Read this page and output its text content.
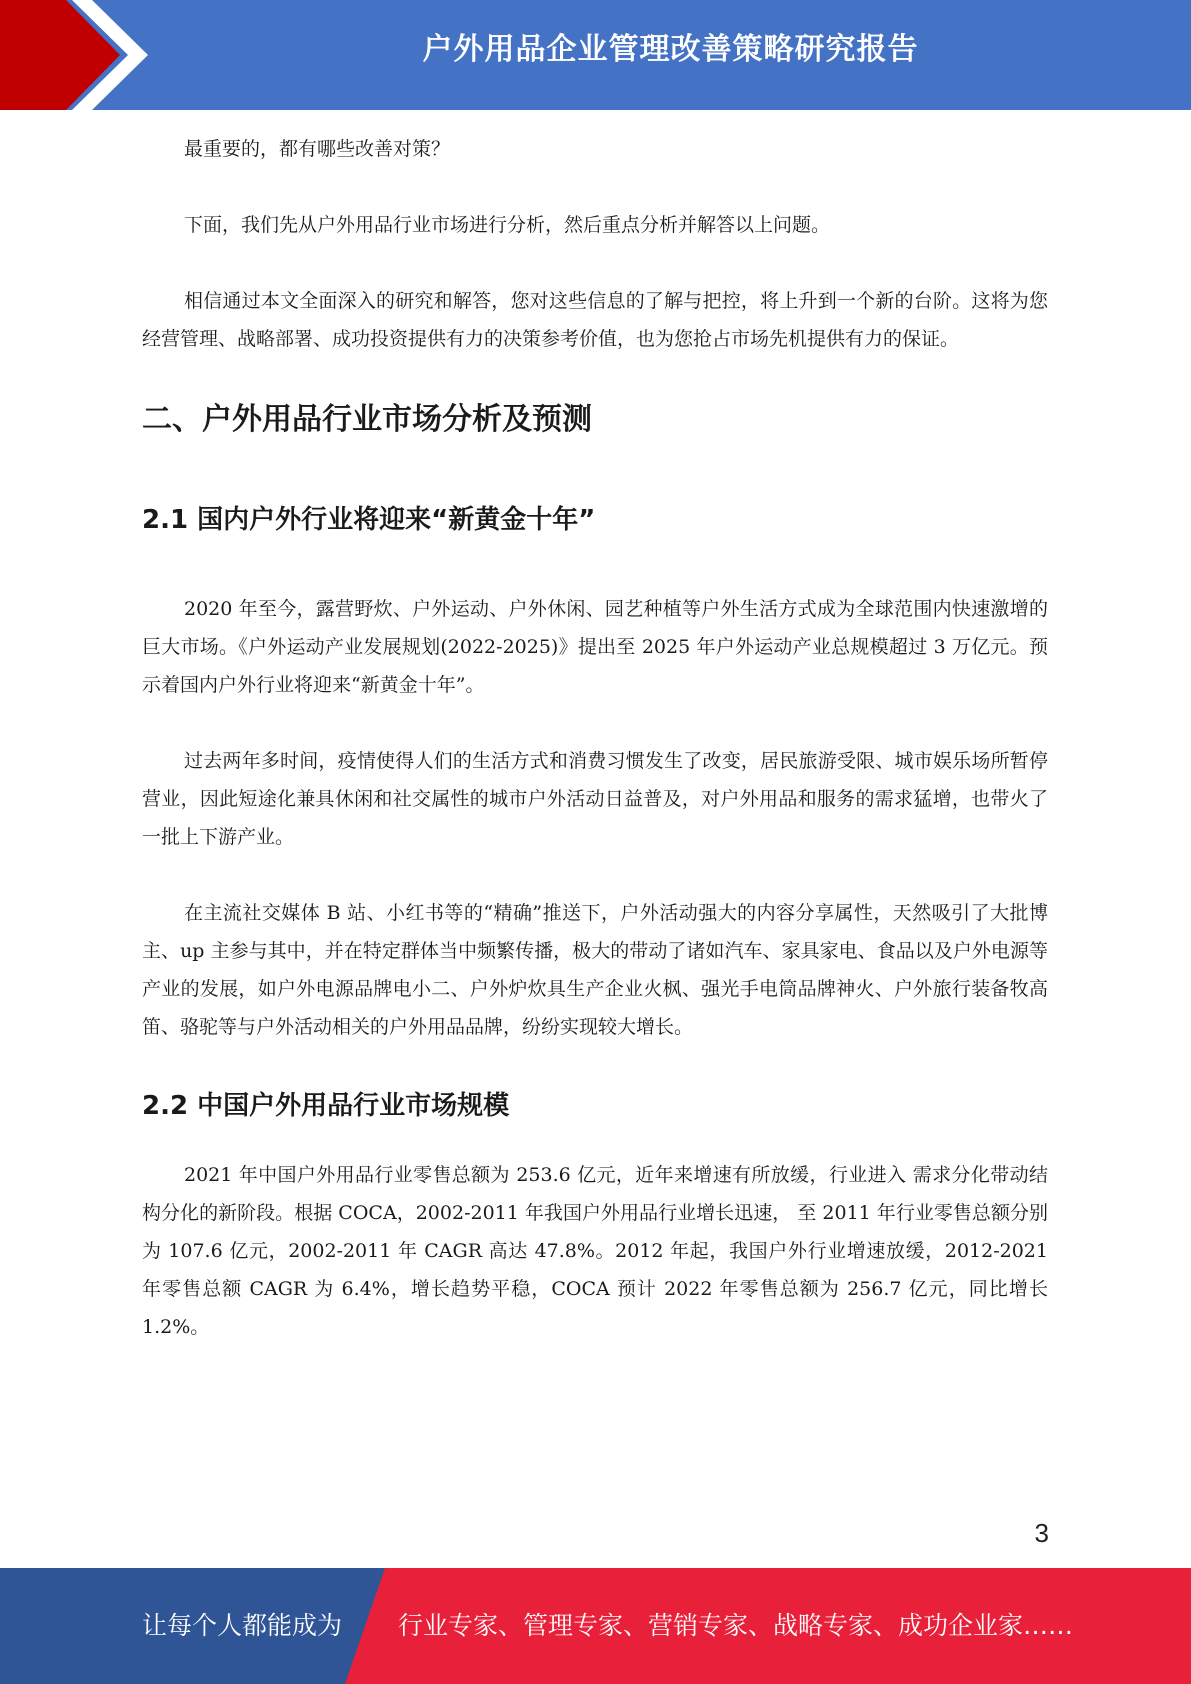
户外用品企业管理改善策略研究报告

最重要的，都有哪些改善对策？

下面，我们先从户外用品行业市场进行分析，然后重点分析并解答以上问题。

相信通过本文全面深入的研究和解答，您对这些信息的了解与把控，将上升到一个新的台阶。这将为您经营管理、战略部署、成功投资提供有力的决策参考价值，也为您抢占市场先机提供有力的保证。

二、户外用品行业市场分析及预测
2.1 国内户外行业将迎来“新黄金十年”

2020 年至今，露营野炊、户外运动、户外休闲、园艺种植等户外生活方式成为全球范围内快速激增的巨大市场。《户外运动产业发展规划(2022-2025)》提出至 2025 年户外运动产业总规模超过 3 万亿元。预示着国内户外行业将迎来“新黄金十年”。

过去两年多时间，疫情使得人们的生活方式和消费习惯发生了改变，居民旅游受限、城市娱乐场所暂停营业，因此短途化兼具休闲和社交属性的城市户外活动日益普及，对户外用品和服务的需求猛增，也带火了一批上下游产业。

在主流社交媒体 B 站、小红书等的“精确”推送下，户外活动强大的内容分享属性，天然吸引了大批博主、up 主参与其中，并在特定群体当中频繁传播，极大的带动了诸如汽车、家具家电、食品以及户外电源等产业的发展，如户外电源品牌电小二、户外炉炊具生产企业火枫、强光手电筒品牌神火、户外旅行装备牧高笛、骆驼等与户外活动相关的户外用品品牌，纷纷实现较大增长。

2.2 中国户外用品行业市场规模

2021 年中国户外用品行业零售总额为 253.6 亿元，近年来增速有所放缓，行业进入 需求分化带动结构分化的新阶段。根据 COCA，2002-2011 年我国户外用品行业增长迅速， 至 2011 年行业零售总额分别为 107.6 亿元，2002-2011 年 CAGR 高达 47.8%。2012 年起，我国户外行业增速放缓，2012-2021 年零售总额 CAGR 为 6.4%，增长趋势平稳，COCA 预计 2022 年零售总额为 256.7 亿元，同比增长 1.2%。

3
让每个人都能成为 行业专家、管理专家、营销专家、战略专家、成功企业家……
